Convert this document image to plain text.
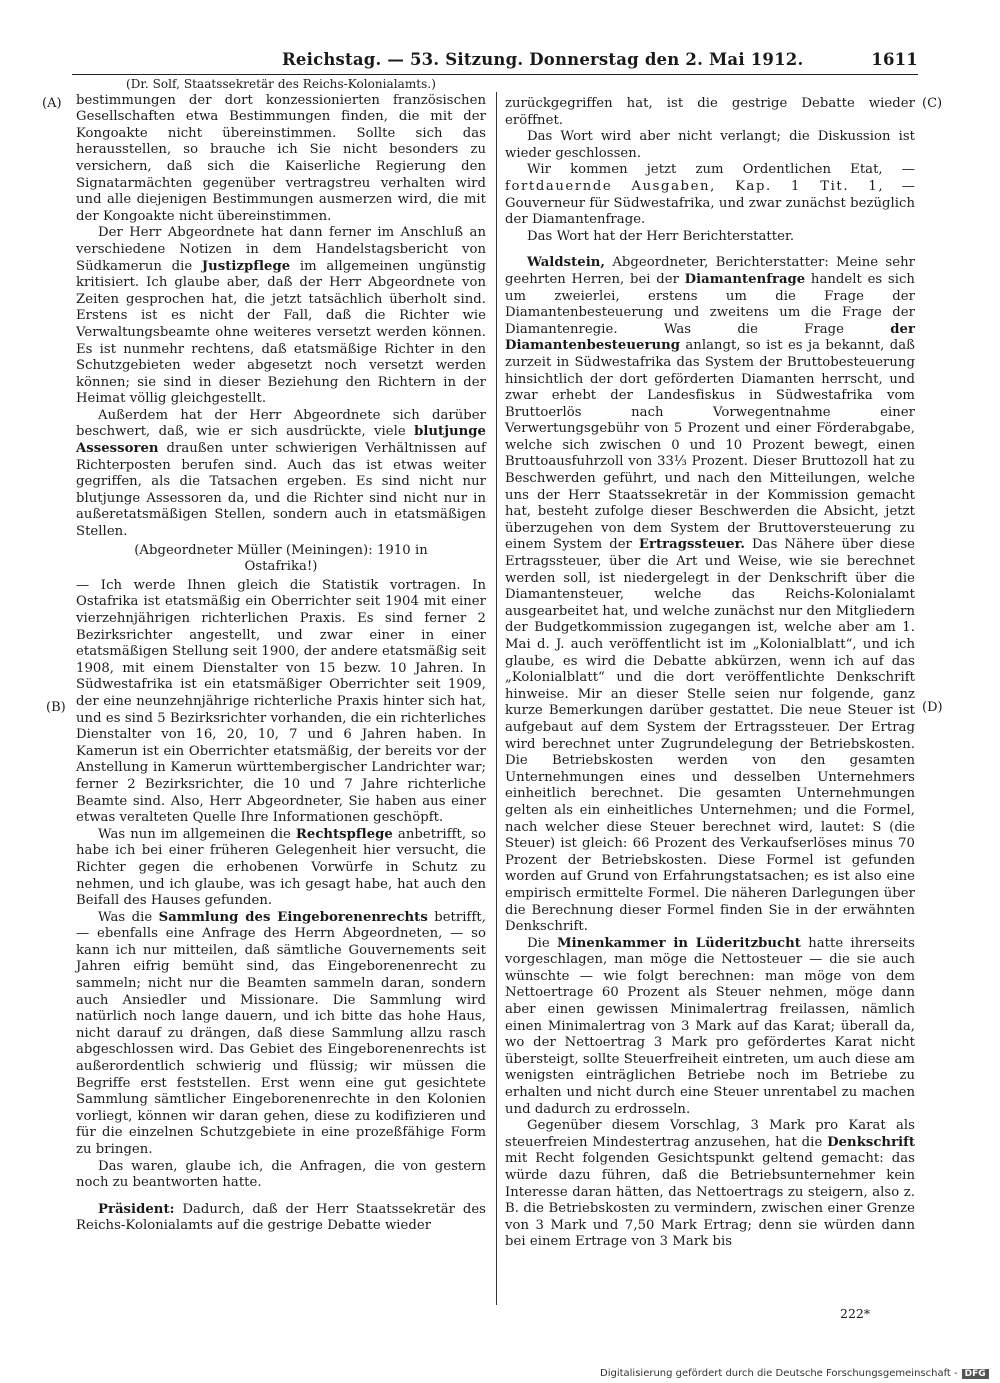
Reichstag. — 53. Sitzung. Donnerstag den 2. Mai 1912.	1611
(A)
(B)
(C)
(D)

(Dr. Solf, Staatssekretär des Reichs-Kolonialamts.)

bestimmungen der dort konzessionierten französischen Gesellschaften etwa Bestimmungen finden, die mit der Kongoakte nicht übereinstimmen. Sollte sich das herausstellen, so brauche ich Sie nicht besonders zu versichern, daß sich die Kaiserliche Regierung den Signatarmächten gegenüber vertragstreu verhalten wird und alle diejenigen Bestimmungen ausmerzen wird, die mit der Kongoakte nicht übereinstimmen.

Der Herr Abgeordnete hat dann ferner im Anschluß an verschiedene Notizen in dem Handelstagsbericht von Südkamerun die Justizpflege im allgemeinen ungünstig kritisiert. Ich glaube aber, daß der Herr Abgeordnete von Zeiten gesprochen hat, die jetzt tatsächlich überholt sind. Erstens ist es nicht der Fall, daß die Richter wie Verwaltungsbeamte ohne weiteres versetzt werden können. Es ist nunmehr rechtens, daß etatsmäßige Richter in den Schutzgebieten weder abgesetzt noch versetzt werden können; sie sind in dieser Beziehung den Richtern in der Heimat völlig gleichgestellt.

Außerdem hat der Herr Abgeordnete sich darüber beschwert, daß, wie er sich ausdrückte, viele blutjunge Assessoren draußen unter schwierigen Verhältnissen auf Richterposten berufen sind. Auch das ist etwas weiter gegriffen, als die Tatsachen ergeben. Es sind nicht nur blutjunge Assessoren da, und die Richter sind nicht nur in außeretatsmäßigen Stellen, sondern auch in etatsmäßigen Stellen.

(Abgeordneter Müller (Meiningen): 1910 in Ostafrika!)

— Ich werde Ihnen gleich die Statistik vortragen. In Ostafrika ist etatsmäßig ein Oberrichter seit 1904 mit einer vierzehnjährigen richterlichen Praxis. Es sind ferner 2 Bezirksrichter angestellt, und zwar einer in einer etatsmäßigen Stellung seit 1900, der andere etatsmäßig seit 1908, mit einem Dienstalter von 15 bezw. 10 Jahren. In Südwestafrika ist ein etatsmäßiger Oberrichter seit 1909, der eine neunzehnjährige richterliche Praxis hinter sich hat, und es sind 5 Bezirksrichter vorhanden, die ein richterliches Dienstalter von 16, 20, 10, 7 und 6 Jahren haben. In Kamerun ist ein Oberrichter etatsmäßig, der bereits vor der Anstellung in Kamerun württembergischer Landrichter war; ferner 2 Bezirksrichter, die 10 und 7 Jahre richterliche Beamte sind. Also, Herr Abgeordneter, Sie haben aus einer etwas veralteten Quelle Ihre Informationen geschöpft.

Was nun im allgemeinen die Rechtspflege anbetrifft, so habe ich bei einer früheren Gelegenheit hier versucht, die Richter gegen die erhobenen Vorwürfe in Schutz zu nehmen, und ich glaube, was ich gesagt habe, hat auch den Beifall des Hauses gefunden.

Was die Sammlung des Eingeborenenrechts betrifft, — ebenfalls eine Anfrage des Herrn Abgeordneten, — so kann ich nur mitteilen, daß sämtliche Gouvernements seit Jahren eifrig bemüht sind, das Eingeborenenrecht zu sammeln; nicht nur die Beamten sammeln daran, sondern auch Ansiedler und Missionare. Die Sammlung wird natürlich noch lange dauern, und ich bitte das hohe Haus, nicht darauf zu drängen, daß diese Sammlung allzu rasch abgeschlossen wird. Das Gebiet des Eingeborenenrechts ist außerordentlich schwierig und flüssig; wir müssen die Begriffe erst feststellen. Erst wenn eine gut gesichtete Sammlung sämtlicher Eingeborenenrechte in den Kolonien vorliegt, können wir daran gehen, diese zu kodifizieren und für die einzelnen Schutzgebiete in eine prozeßfähige Form zu bringen.

Das waren, glaube ich, die Anfragen, die von gestern noch zu beantworten hatte.

Präsident: Dadurch, daß der Herr Staatssekretär des Reichs-Kolonialamts auf die gestrige Debatte wieder

zurückgegriffen hat, ist die gestrige Debatte wieder eröffnet.

Das Wort wird aber nicht verlangt; die Diskussion ist wieder geschlossen.

Wir kommen jetzt zum Ordentlichen Etat, — fortdauernde Ausgaben, Kap. 1 Tit. 1, — Gouverneur für Südwestafrika, und zwar zunächst bezüglich der Diamantenfrage.

Das Wort hat der Herr Berichterstatter.

Waldstein, Abgeordneter, Berichterstatter: Meine sehr geehrten Herren, bei der Diamantenfrage handelt es sich um zweierlei, erstens um die Frage der Diamantenbesteuerung und zweitens um die Frage der Diamantenregie. Was die Frage der Diamantenbesteuerung anlangt, so ist es ja bekannt, daß zurzeit in Südwestafrika das System der Bruttobesteuerung hinsichtlich der dort geförderten Diamanten herrscht, und zwar erhebt der Landesfiskus in Südwestafrika vom Bruttoerlös nach Vorwegentnahme einer Verwertungsgebühr von 5 Prozent und einer Förderabgabe, welche sich zwischen 0 und 10 Prozent bewegt, einen Bruttoausfuhrzoll von 33⅓ Prozent. Dieser Bruttozoll hat zu Beschwerden geführt, und nach den Mitteilungen, welche uns der Herr Staatssekretär in der Kommission gemacht hat, besteht zufolge dieser Beschwerden die Absicht, jetzt überzugehen von dem System der Bruttoversteuerung zu einem System der Ertragssteuer. Das Nähere über diese Ertragssteuer, über die Art und Weise, wie sie berechnet werden soll, ist niedergelegt in der Denkschrift über die Diamantensteuer, welche das Reichs-Kolonialamt ausgearbeitet hat, und welche zunächst nur den Mitgliedern der Budgetkommission zugegangen ist, welche aber am 1. Mai d. J. auch veröffentlicht ist im „Kolonialblatt“, und ich glaube, es wird die Debatte abkürzen, wenn ich auf das „Kolonialblatt“ und die dort veröffentlichte Denkschrift hinweise. Mir an dieser Stelle seien nur folgende, ganz kurze Bemerkungen darüber gestattet. Die neue Steuer ist aufgebaut auf dem System der Ertragssteuer. Der Ertrag wird berechnet unter Zugrundelegung der Betriebskosten. Die Betriebskosten werden von den gesamten Unternehmungen eines und desselben Unternehmers einheitlich berechnet. Die gesamten Unternehmungen gelten als ein einheitliches Unternehmen; und die Formel, nach welcher diese Steuer berechnet wird, lautet: S (die Steuer) ist gleich: 66 Prozent des Verkaufserlöses minus 70 Prozent der Betriebskosten. Diese Formel ist gefunden worden auf Grund von Erfahrungstatsachen; es ist also eine empirisch ermittelte Formel. Die näheren Darlegungen über die Berechnung dieser Formel finden Sie in der erwähnten Denkschrift.

Die Minenkammer in Lüderitzbucht hatte ihrerseits vorgeschlagen, man möge die Nettosteuer — die sie auch wünschte — wie folgt berechnen: man möge von dem Nettoertrage 60 Prozent als Steuer nehmen, möge dann aber einen gewissen Minimalertrag freilassen, nämlich einen Minimalertrag von 3 Mark auf das Karat; überall da, wo der Nettoertrag 3 Mark pro gefördertes Karat nicht übersteigt, sollte Steuerfreiheit eintreten, um auch diese am wenigsten einträglichen Betriebe noch im Betriebe zu erhalten und nicht durch eine Steuer unrentabel zu machen und dadurch zu erdrosseln.

Gegenüber diesem Vorschlag, 3 Mark pro Karat als steuerfreien Mindestertrag anzusehen, hat die Denkschrift mit Recht folgenden Gesichtspunkt geltend gemacht: das würde dazu führen, daß die Betriebsunternehmer kein Interesse daran hätten, das Nettoertrags zu steigern, also z. B. die Betriebskosten zu vermindern, zwischen einer Grenze von 3 Mark und 7,50 Mark Ertrag; denn sie würden dann bei einem Ertrage von 3 Mark bis

222*
Digitalisierung gefördert durch die Deutsche Forschungsgemeinschaft - DFG
